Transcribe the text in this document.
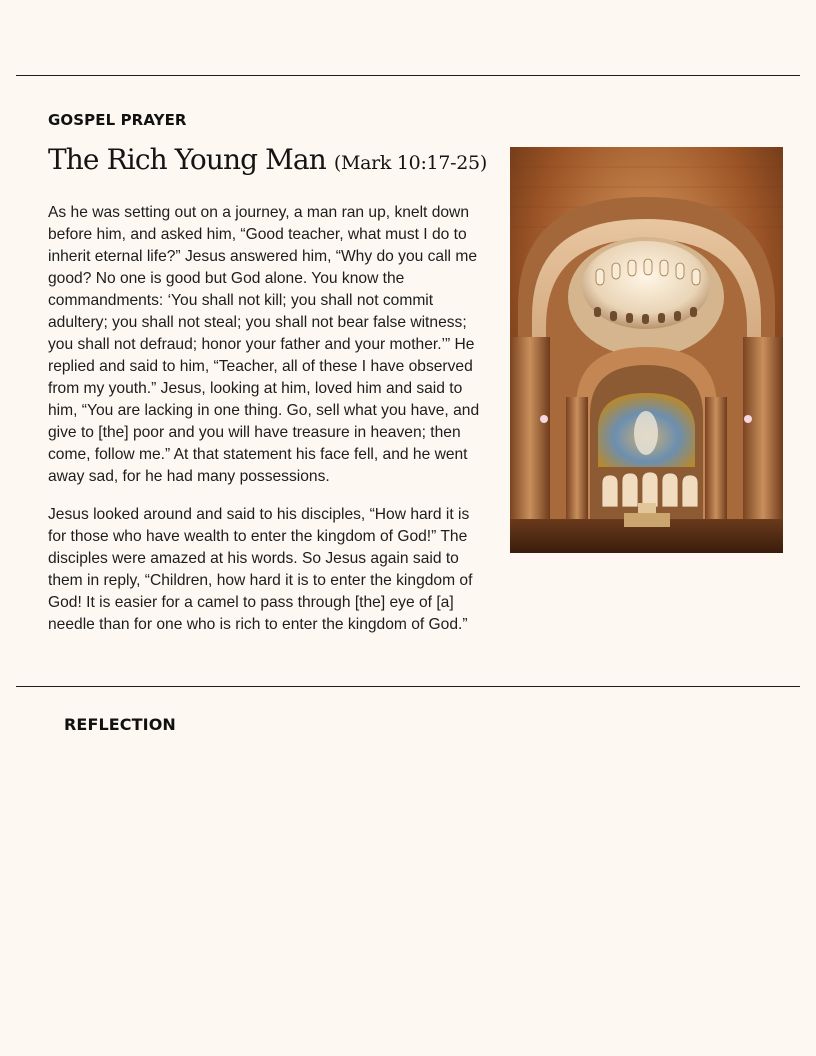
GOSPEL PRAYER
The Rich Young Man (Mark 10:17-25)

As he was setting out on a journey, a man ran up, knelt down before him, and asked him, “Good teacher, what must I do to inherit eternal life?” Jesus answered him, “Why do you call me good? No one is good but God alone. You know the commandments: ‘You shall not kill; you shall not commit adultery; you shall not steal; you shall not bear false witness; you shall not defraud; honor your father and your mother.’” He replied and said to him, “Teacher, all of these I have observed from my youth.” Jesus, looking at him, loved him and said to him, “You are lacking in one thing. Go, sell what you have, and give to [the] poor and you will have treasure in heaven; then come, follow me.” At that statement his face fell, and he went away sad, for he had many possessions.

Jesus looked around and said to his disciples, “How hard it is for those who have wealth to enter the kingdom of God!” The disciples were amazed at his words. So Jesus again said to them in reply, “Children, how hard it is to enter the kingdom of God! It is easier for a camel to pass through [the] eye of [a] needle than for one who is rich to enter the kingdom of God.”

REFLECTION
